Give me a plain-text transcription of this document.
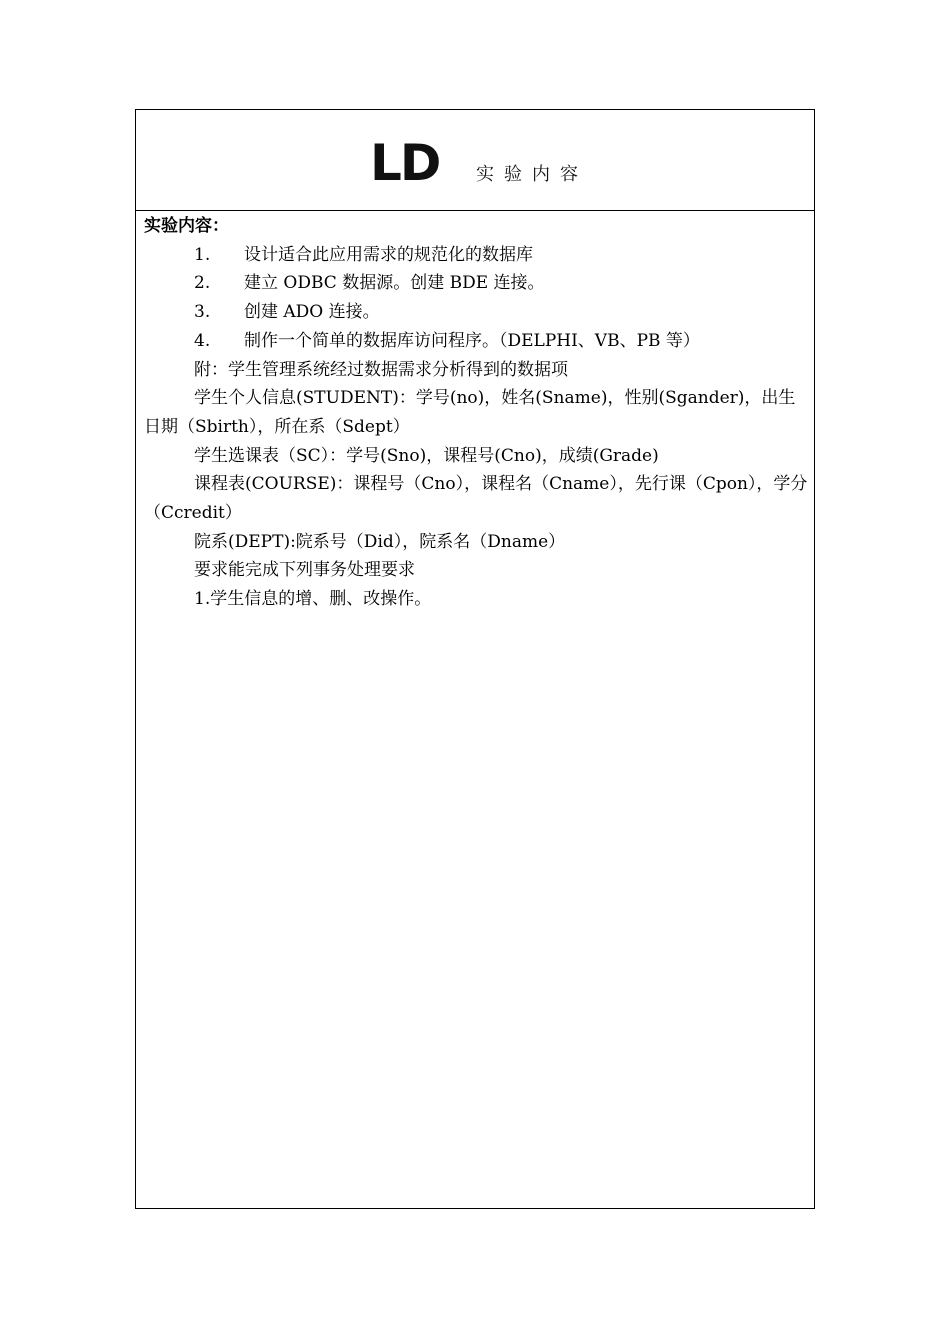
LD 实验内容
实验内容：
1. 设计适合此应用需求的规范化的数据库
2. 建立 ODBC 数据源。创建 BDE 连接。
3. 创建 ADO 连接。
4. 制作一个简单的数据库访问程序。（DELPHI、VB、PB 等）
附：学生管理系统经过数据需求分析得到的数据项
学生个人信息(STUDENT)：学号(no)，姓名(Sname)，性别(Sgander)，出生日期（Sbirth），所在系（Sdept）
学生选课表（SC）：学号(Sno)，课程号(Cno)，成绩(Grade)
课程表(COURSE)：课程号（Cno），课程名（Cname），先行课（Cpon），学分（Ccredit）
院系(DEPT):院系号（Did），院系名（Dname）
要求能完成下列事务处理要求
1.学生信息的增、删、改操作。
